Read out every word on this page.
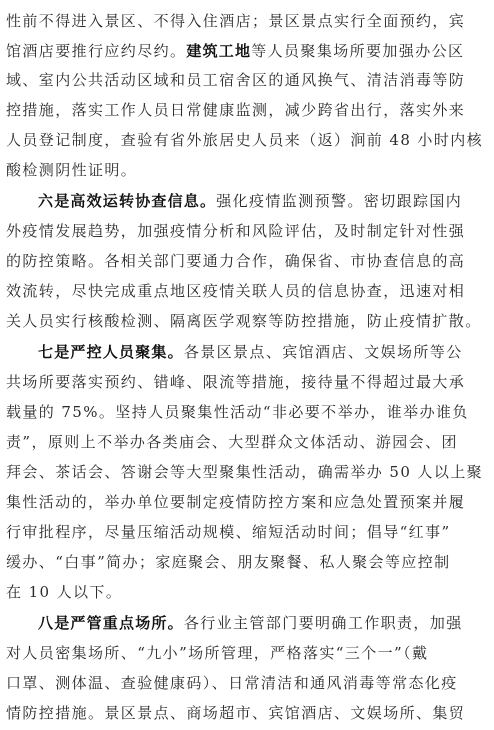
性前不得进入景区、不得入住酒店；景区景点实行全面预约，宾
馆酒店要推行应约尽约。建筑工地等人员聚集场所要加强办公区
域、室内公共活动区域和员工宿舍区的通风换气、清洁消毒等防
控措施，落实工作人员日常健康监测，减少跨省出行，落实外来
人员登记制度，查验有省外旅居史人员来（返）涧前 48 小时内核
酸检测阴性证明。
六是高效运转协查信息。强化疫情监测预警。密切跟踪国内
外疫情发展趋势，加强疫情分析和风险评估，及时制定针对性强
的防控策略。各相关部门要通力合作，确保省、市协查信息的高
效流转，尽快完成重点地区疫情关联人员的信息协查，迅速对相
关人员实行核酸检测、隔离医学观察等防控措施，防止疫情扩散。
七是严控人员聚集。各景区景点、宾馆酒店、文娱场所等公
共场所要落实预约、错峰、限流等措施，接待量不得超过最大承
载量的 75%。坚持人员聚集性活动“非必要不举办，谁举办谁负
责”，原则上不举办各类庙会、大型群众文体活动、游园会、团
拜会、茶话会、答谢会等大型聚集性活动，确需举办 50 人以上聚
集性活动的，举办单位要制定疫情防控方案和应急处置预案并履
行审批程序，尽量压缩活动规模、缩短活动时间；倡导“红事”
缓办、“白事”简办；家庭聚会、朋友聚餐、私人聚会等应控制
在 10 人以下。
八是严管重点场所。各行业主管部门要明确工作职责，加强
对人员密集场所、“九小”场所管理，严格落实“三个一”（戴
口罩、测体温、查验健康码）、日常清洁和通风消毒等常态化疫
情防控措施。景区景点、商场超市、宾馆酒店、文娱场所、集贸
